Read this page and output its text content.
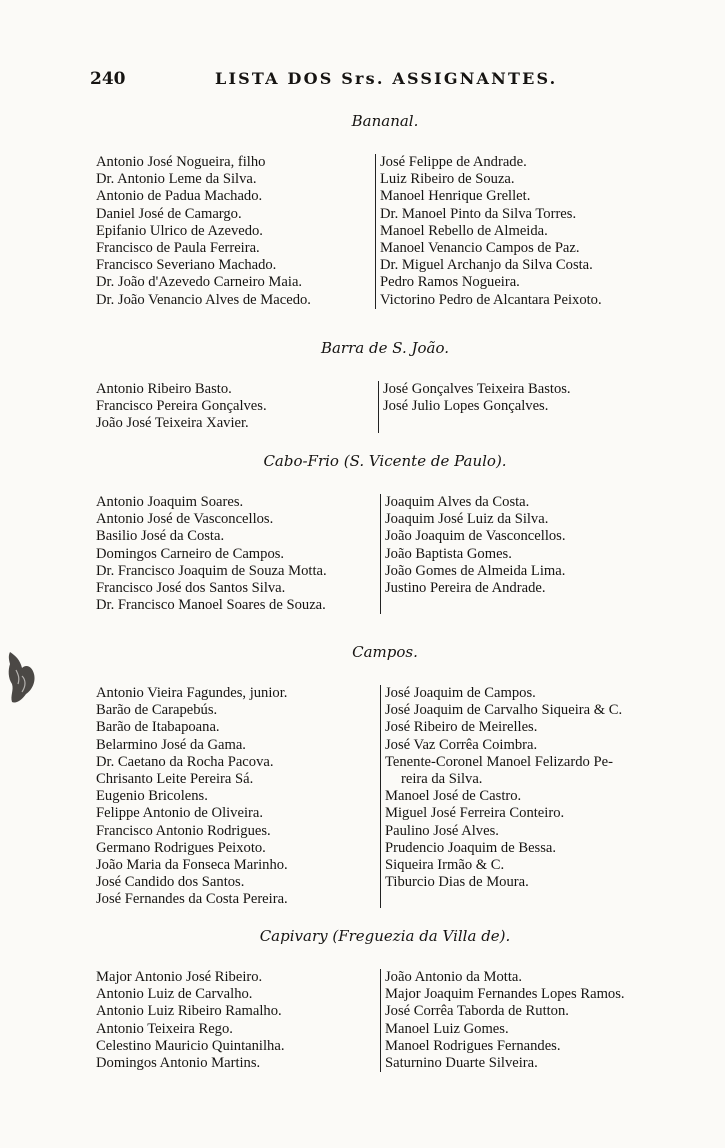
240	LISTA DOS Srs. ASSIGNANTES.
Bananal.
Antonio José Nogueira, filho
Dr. Antonio Leme da Silva.
Antonio de Padua Machado.
Daniel José de Camargo.
Epifanio Ulrico de Azevedo.
Francisco de Paula Ferreira.
Francisco Severiano Machado.
Dr. João d'Azevedo Carneiro Maia.
Dr. João Venancio Alves de Macedo.
José Felippe de Andrade.
Luiz Ribeiro de Souza.
Manoel Henrique Grellet.
Dr. Manoel Pinto da Silva Torres.
Manoel Rebello de Almeida.
Manoel Venancio Campos de Paz.
Dr. Miguel Archanjo da Silva Costa.
Pedro Ramos Nogueira.
Victorino Pedro de Alcantara Peixoto.
Barra de S. João.
Antonio Ribeiro Basto.
Francisco Pereira Gonçalves.
João José Teixeira Xavier.
José Gonçalves Teixeira Bastos.
José Julio Lopes Gonçalves.
Cabo-Frio (S. Vicente de Paulo).
Antonio Joaquim Soares.
Antonio José de Vasconcellos.
Basilio José da Costa.
Domingos Carneiro de Campos.
Dr. Francisco Joaquim de Souza Motta.
Francisco José dos Santos Silva.
Dr. Francisco Manoel Soares de Souza.
Joaquim Alves da Costa.
Joaquim José Luiz da Silva.
João Joaquim de Vasconcellos.
João Baptista Gomes.
João Gomes de Almeida Lima.
Justino Pereira de Andrade.
Campos.
Antonio Vieira Fagundes, junior.
Barão de Carapebús.
Barão de Itabapoana.
Belarmino José da Gama.
Dr. Caetano da Rocha Pacova.
Chrisanto Leite Pereira Sá.
Eugenio Bricolens.
Felippe Antonio de Oliveira.
Francisco Antonio Rodrigues.
Germano Rodrigues Peixoto.
João Maria da Fonseca Marinho.
José Candido dos Santos.
José Fernandes da Costa Pereira.
José Joaquim de Campos.
José Joaquim de Carvalho Siqueira & C.
José Ribeiro de Meirelles.
José Vaz Corrêa Coimbra.
Tenente-Coronel Manoel Felizardo Pe-
reira da Silva.
Manoel José de Castro.
Miguel José Ferreira Conteiro.
Paulino José Alves.
Prudencio Joaquim de Bessa.
Siqueira Irmão & C.
Tiburcio Dias de Moura.
Capivary (Freguezia da Villa de).
Major Antonio José Ribeiro.
Antonio Luiz de Carvalho.
Antonio Luiz Ribeiro Ramalho.
Antonio Teixeira Rego.
Celestino Mauricio Quintanilha.
Domingos Antonio Martins.
João Antonio da Motta.
Major Joaquim Fernandes Lopes Ramos.
José Corrêa Taborda de Rutton.
Manoel Luiz Gomes.
Manoel Rodrigues Fernandes.
Saturnino Duarte Silveira.
